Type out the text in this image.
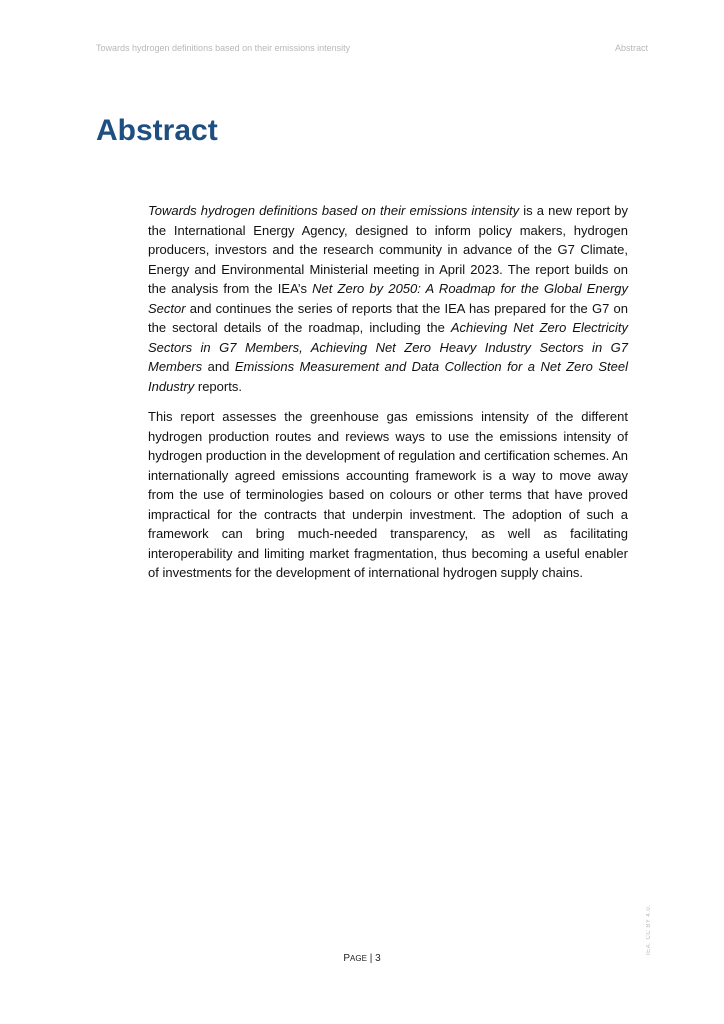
Towards hydrogen definitions based on their emissions intensity	Abstract
Abstract

Towards hydrogen definitions based on their emissions intensity is a new report by the International Energy Agency, designed to inform policy makers, hydrogen producers, investors and the research community in advance of the G7 Climate, Energy and Environmental Ministerial meeting in April 2023. The report builds on the analysis from the IEA’s Net Zero by 2050: A Roadmap for the Global Energy Sector and continues the series of reports that the IEA has prepared for the G7 on the sectoral details of the roadmap, including the Achieving Net Zero Electricity Sectors in G7 Members, Achieving Net Zero Heavy Industry Sectors in G7 Members and Emissions Measurement and Data Collection for a Net Zero Steel Industry reports.

This report assesses the greenhouse gas emissions intensity of the different hydrogen production routes and reviews ways to use the emissions intensity of hydrogen production in the development of regulation and certification schemes. An internationally agreed emissions accounting framework is a way to move away from the use of terminologies based on colours or other terms that have proved impractical for the contracts that underpin investment. The adoption of such a framework can bring much-needed transparency, as well as facilitating interoperability and limiting market fragmentation, thus becoming a useful enabler of investments for the development of international hydrogen supply chains.

PAGE | 3
IEA. CC BY 4.0.
